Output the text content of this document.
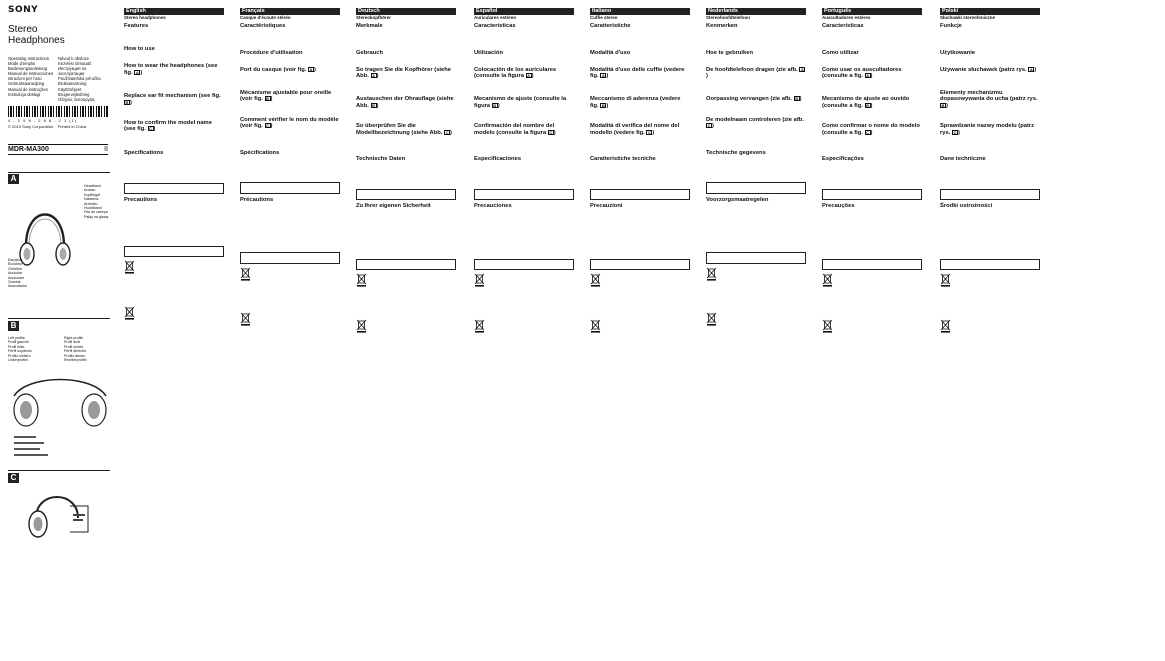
SONY
Stereo
Headphones
Operating Instructions
Mode d'emploi
Bedienungsanleitung
Manual de instrucciones
Istruzioni per l'uso
Gebruiksaanwijzing
Manual de instruções
Instrukcja obsługi
Návod k obsluze
Kezelési útmutató
Инструкция по эксплуатации
Používateľská príručka
Bruksanvisning
Käyttöohjeet
Brugervejledning
Οδηγίες λειτουργίας
4 - 2 9 8 - 2 6 8 - 2 1 (1)
© 2010 Sony Corporation Printed in China
II
MDR-MA300
A
Headband
Arceau
Kopfbügel
Diadema
Archetto
Hoofdband
Fita de cabeça
Pałąk na głowę
Earpiece
Écouteur
Ohrhörer
Auricular
Auricolare
Oorstuk
Auscultador
B
Left profile
Profil gauche
Profil links
Perfil izquierdo
Profilo sinistro
Linkerprofiel
Right profile
Profil droit
Profil rechts
Perfil derecho
Profilo destro
Rechterprofiel
C
English
Stereo headphones
Features
How to use
How to wear the headphones (see fig. A )
Replace ear fit mechanism (see fig. B )
How to confirm the model name (see fig. C )
Specifications
Precautions
Français
Casque d'écoute stéréo
Caractéristiques
Procédure d'utilisation
Port du casque (voir fig. A )
Mécanisme ajustable pour oreille (voir fig. B )
Comment vérifier le nom du modèle (voir fig. C )
Spécifications
Précautions
Deutsch
Stereokopfhörer
Merkmale
Gebrauch
So tragen Sie die Kopfhörer (siehe Abb. A )
Austauschen der Ohrauflage (siehe Abb. B )
So überprüfen Sie die Modellbezeichnung (siehe Abb. C )
Technische Daten
Zu Ihrer eigenen Sicherheit
Español
Auriculares estéreo
Características
Utilización
Colocación de los auriculares (consulte la figura A )
Mecanismo de ajuste (consulte la figura B )
Confirmación del nombre del modelo (consulte la figura C )
Especificaciones
Precauciones
Italiano
Cuffie stereo
Caratteristiche
Modalità d'uso
Modalità d'uso delle cuffie (vedere fig. A )
Meccanismo di aderenza (vedere fig. B )
Modalità di verifica del nome del modello (vedere fig. C )
Caratteristiche tecniche
Precauzioni
Nederlands
Stereohoofdtelefoon
Kenmerken
Hoe te gebruiken
De hoofdtelefoon dragen (zie afb. A)
Oorpassing vervangen (zie afb. B )
De modelnaam controleren (zie afb. C )
Technische gegevens
Voorzorgsmaatregelen
Português
Auscultadores estéreo
Características
Como utilizar
Como usar os auscultadores (consulte a fig. A )
Mecanismo de ajuste ao ouvido (consulte a fig. B )
Como confirmar o nome do modelo (consulte a fig. C )
Especificações
Precauções
Polski
Słuchawki stereofoniczne
Funkcje
Użytkowanie
Używanie słuchawek (patrz rys. A )
Elementy mechanizmu dopasowywania do ucha (patrz rys. B )
Sprawdzanie nazwy modelu (patrz rys. C )
Dane techniczne
Środki ostrożności
